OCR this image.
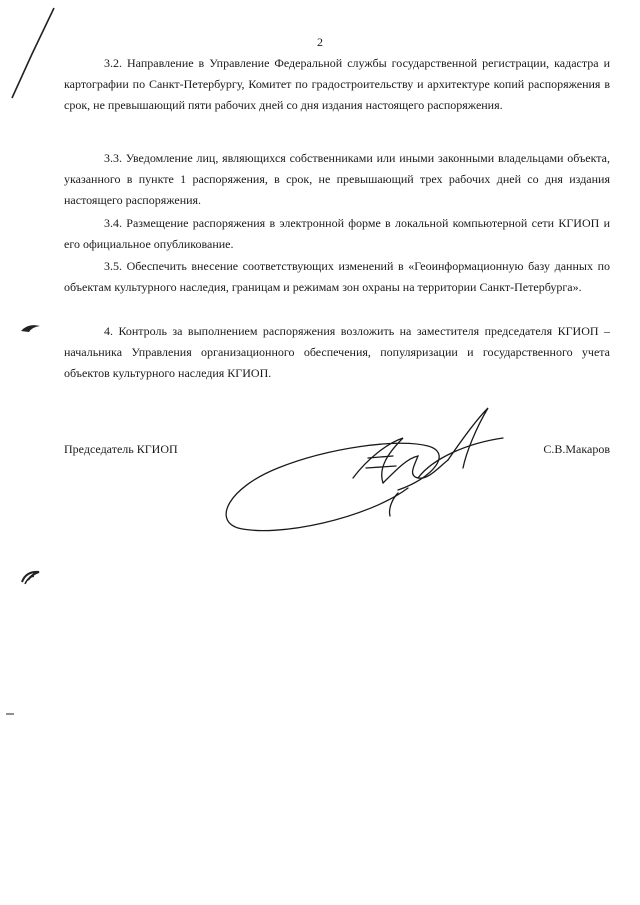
2

3.2. Направление в Управление Федеральной службы государственной регистрации, кадастра и картографии по Санкт-Петербургу, Комитет по градостроительству и архитектуре копий распоряжения в срок, не превышающий пяти рабочих дней со дня издания настоящего распоряжения.

3.3. Уведомление лиц, являющихся собственниками или иными законными владельцами объекта, указанного в пункте 1 распоряжения, в срок, не превышающий трех рабочих дней со дня издания настоящего распоряжения.

3.4. Размещение распоряжения в электронной форме в локальной компьютерной сети КГИОП и его официальное опубликование.

3.5. Обеспечить внесение соответствующих изменений в «Геоинформационную базу данных по объектам культурного наследия, границам и режимам зон охраны на территории Санкт-Петербурга».

4. Контроль за выполнением распоряжения возложить на заместителя председателя КГИОП – начальника Управления организационного обеспечения, популяризации и государственного учета объектов культурного наследия КГИОП.

Председатель КГИОП	С.В.Макаров
